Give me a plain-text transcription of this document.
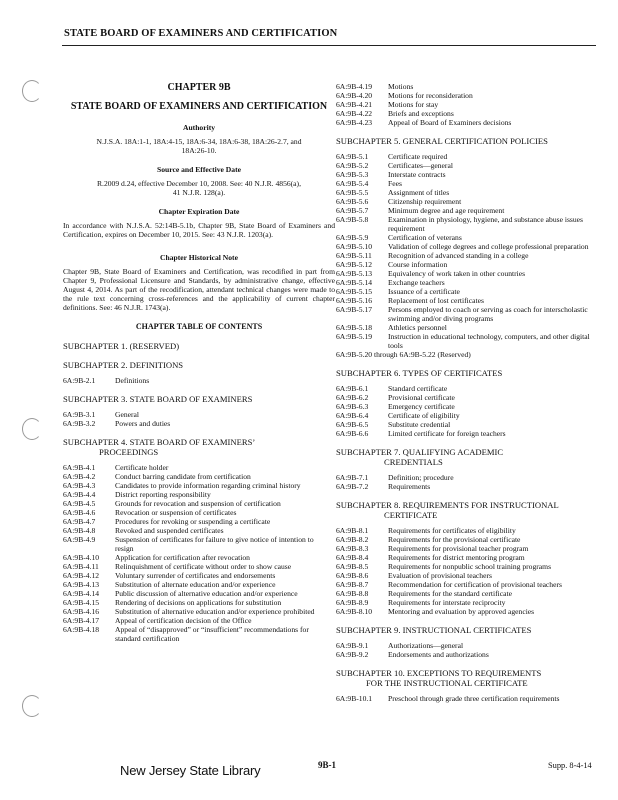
STATE BOARD OF EXAMINERS AND CERTIFICATION
CHAPTER 9B
STATE BOARD OF EXAMINERS AND CERTIFICATION
Authority
N.J.S.A. 18A:1-1, 18A:4-15, 18A:6-34, 18A:6-38, 18A:26-2.7, and 18A:26-10.
Source and Effective Date
R.2009 d.24, effective December 10, 2008. See: 40 N.J.R. 4856(a), 41 N.J.R. 128(a).
Chapter Expiration Date
In accordance with N.J.S.A. 52:14B-5.1b, Chapter 9B, State Board of Examiners and Certification, expires on December 10, 2015. See: 43 N.J.R. 1203(a).
Chapter Historical Note
Chapter 9B, State Board of Examiners and Certification, was recodified in part from Chapter 9, Professional Licensure and Standards, by administrative change, effective August 4, 2014. As part of the recodification, attendant technical changes were made to the rule text concerning cross-references and the applicability of current chapter definitions. See: 46 N.J.R. 1743(a).
CHAPTER TABLE OF CONTENTS
SUBCHAPTER 1. (RESERVED)
SUBCHAPTER 2. DEFINITIONS
6A:9B-2.1	Definitions
SUBCHAPTER 3. STATE BOARD OF EXAMINERS
6A:9B-3.1	General
6A:9B-3.2	Powers and duties
SUBCHAPTER 4. STATE BOARD OF EXAMINERS’
PROCEEDINGS
6A:9B-4.1	Certificate holder
6A:9B-4.2	Conduct barring candidate from certification
6A:9B-4.3	Candidates to provide information regarding criminal history
6A:9B-4.4	District reporting responsibility
6A:9B-4.5	Grounds for revocation and suspension of certification
6A:9B-4.6	Revocation or suspension of certificates
6A:9B-4.7	Procedures for revoking or suspending a certificate
6A:9B-4.8	Revoked and suspended certificates
6A:9B-4.9	Suspension of certificates for failure to give notice of intention to resign
6A:9B-4.10	Application for certification after revocation
6A:9B-4.11	Relinquishment of certificate without order to show cause
6A:9B-4.12	Voluntary surrender of certificates and endorsements
6A:9B-4.13	Substitution of alternate education and/or experience
6A:9B-4.14	Public discussion of alternative education and/or experience
6A:9B-4.15	Rendering of decisions on applications for substitution
6A:9B-4.16	Substitution of alternative education and/or experience prohibited
6A:9B-4.17	Appeal of certification decision of the Office
6A:9B-4.18	Appeal of “disapproved” or “insufficient” recommendations for standard certification
6A:9B-4.19	Motions
6A:9B-4.20	Motions for reconsideration
6A:9B-4.21	Motions for stay
6A:9B-4.22	Briefs and exceptions
6A:9B-4.23	Appeal of Board of Examiners decisions
SUBCHAPTER 5. GENERAL CERTIFICATION POLICIES
6A:9B-5.1	Certificate required
6A:9B-5.2	Certificates—general
6A:9B-5.3	Interstate contracts
6A:9B-5.4	Fees
6A:9B-5.5	Assignment of titles
6A:9B-5.6	Citizenship requirement
6A:9B-5.7	Minimum degree and age requirement
6A:9B-5.8	Examination in physiology, hygiene, and substance abuse issues requirement
6A:9B-5.9	Certification of veterans
6A:9B-5.10	Validation of college degrees and college professional preparation
6A:9B-5.11	Recognition of advanced standing in a college
6A:9B-5.12	Course information
6A:9B-5.13	Equivalency of work taken in other countries
6A:9B-5.14	Exchange teachers
6A:9B-5.15	Issuance of a certificate
6A:9B-5.16	Replacement of lost certificates
6A:9B-5.17	Persons employed to coach or serving as coach for interscholastic swimming and/or diving programs
6A:9B-5.18	Athletics personnel
6A:9B-5.19	Instruction in educational technology, computers, and other digital tools
6A:9B-5.20 through 6A:9B-5.22 (Reserved)
SUBCHAPTER 6. TYPES OF CERTIFICATES
6A:9B-6.1	Standard certificate
6A:9B-6.2	Provisional certificate
6A:9B-6.3	Emergency certificate
6A:9B-6.4	Certificate of eligibility
6A:9B-6.5	Substitute credential
6A:9B-6.6	Limited certificate for foreign teachers
SUBCHAPTER 7. QUALIFYING ACADEMIC
CREDENTIALS
6A:9B-7.1	Definition; procedure
6A:9B-7.2	Requirements
SUBCHAPTER 8. REQUIREMENTS FOR INSTRUCTIONAL
CERTIFICATE
6A:9B-8.1	Requirements for certificates of eligibility
6A:9B-8.2	Requirements for the provisional certificate
6A:9B-8.3	Requirements for provisional teacher program
6A:9B-8.4	Requirements for district mentoring program
6A:9B-8.5	Requirements for nonpublic school training programs
6A:9B-8.6	Evaluation of provisional teachers
6A:9B-8.7	Recommendation for certification of provisional teachers
6A:9B-8.8	Requirements for the standard certificate
6A:9B-8.9	Requirements for interstate reciprocity
6A:9B-8.10	Mentoring and evaluation by approved agencies
SUBCHAPTER 9. INSTRUCTIONAL CERTIFICATES
6A:9B-9.1	Authorizations—general
6A:9B-9.2	Endorsements and authorizations
SUBCHAPTER 10. EXCEPTIONS TO REQUIREMENTS
FOR THE INSTRUCTIONAL CERTIFICATE
6A:9B-10.1	Preschool through grade three certification requirements
New Jersey State Library	9B-1	Supp. 8-4-14
